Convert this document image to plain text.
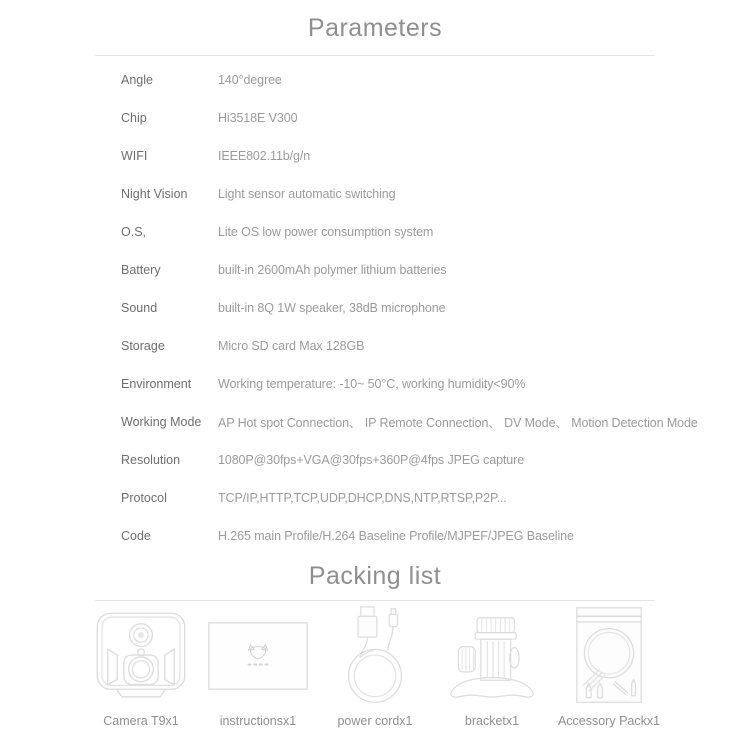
Parameters
Angle	140°degree
Chip	Hi3518E V300
WIFI	IEEE802.11b/g/n
Night Vision	Light sensor automatic switching
O.S,	Lite OS low power consumption system
Battery	built-in 2600mAh polymer lithium batteries
Sound	built-in 8Q 1W speaker, 38dB microphone
Storage	Micro SD card Max 128GB
Environment	Working temperature: -10~ 50°C, working humidity<90%
Working Mode	AP Hot spot Connection、 IP Remote Connection、 DV Mode、 Motion Detection Mode
Resolution	1080P@30fps+VGA@30fps+360P@4fps JPEG capture
Protocol	TCP/IP,HTTP,TCP,UDP,DHCP,DNS,NTP,RTSP,P2P...
Code	H.265 main Profile/H.264 Baseline Profile/MJPEF/JPEG Baseline
Packing list
Camera T9x1	instructionsx1	power cordx1	bracketx1	Accessory Packx1
